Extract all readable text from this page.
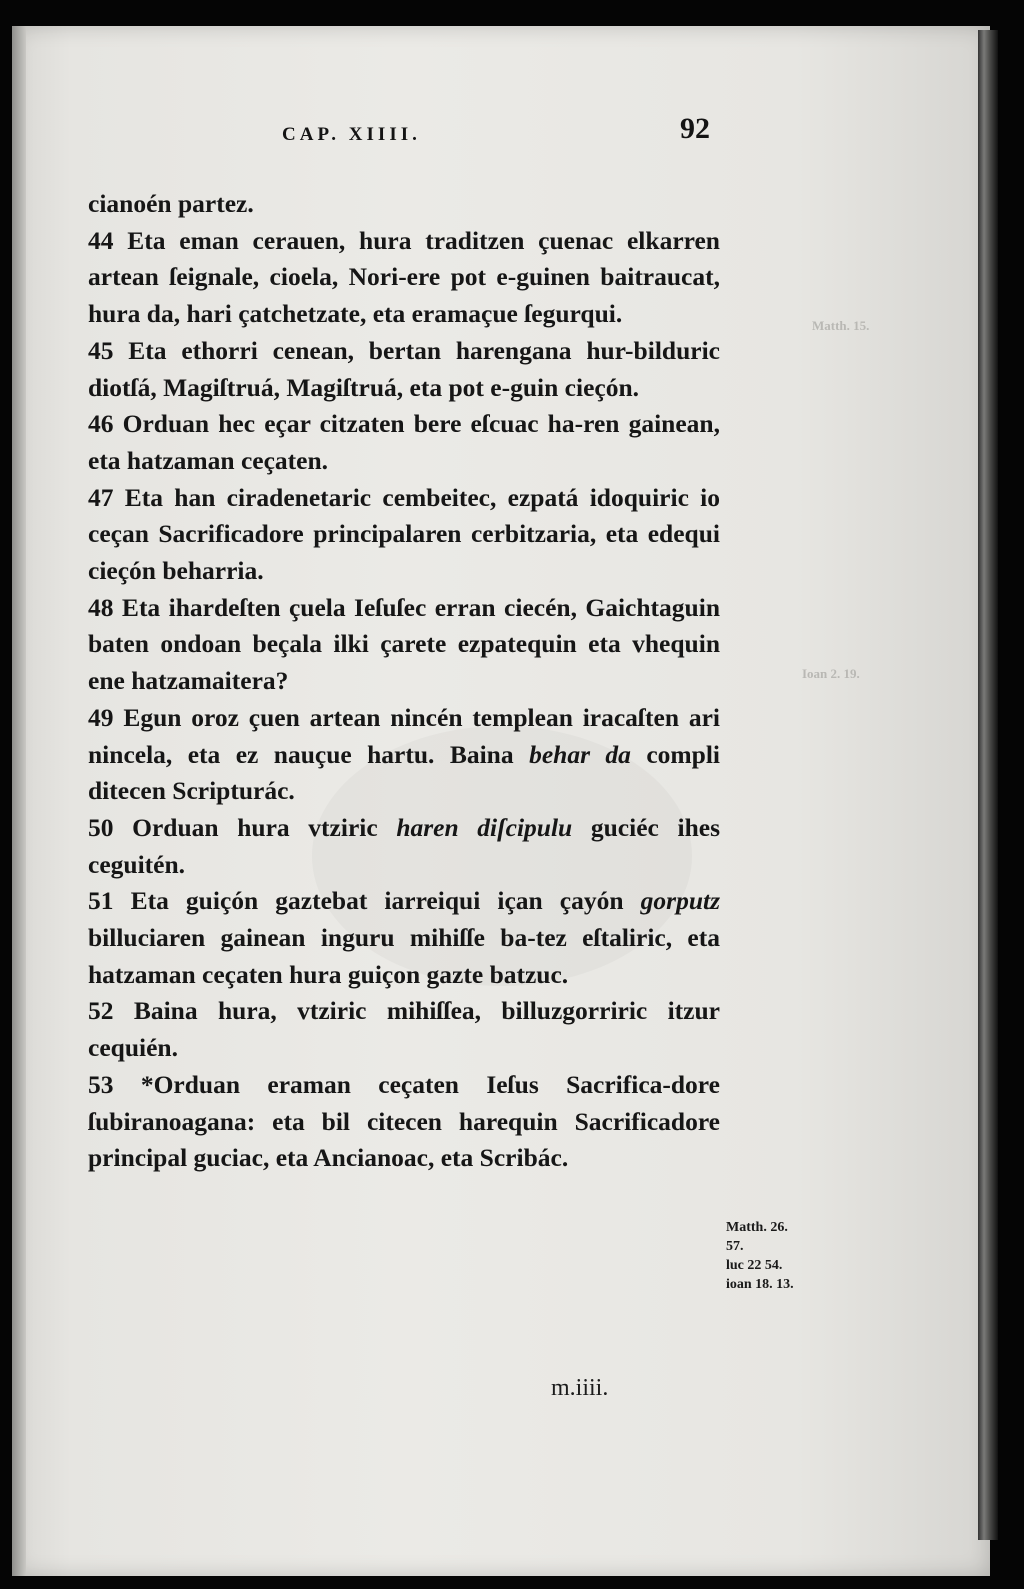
Matth. 15.
Ioan 2. 19.
CAP. XIIII.	92

cianoén partez.

44 Eta eman cerauen, hura traditzen çuenac elkarren artean ſeignale, cioela, Nori-ere pot e-guinen baitraucat, hura da, hari çatchetzate, eta eramaçue ſegurqui.

45 Eta ethorri cenean, bertan harengana hur-bilduric diotſá, Magiſtruá, Magiſtruá, eta pot e-guin cieçón.

46 Orduan hec eçar citzaten bere eſcuac ha-ren gainean, eta hatzaman ceçaten.

47 Eta han ciradenetaric cembeitec, ezpatá idoquiric io ceçan Sacrificadore principalaren cerbitzaria, eta edequi cieçón beharria.

48 Eta ihardeſten çuela Ieſuſec erran ciecén, Gaichtaguin baten ondoan beçala ilki çarete ezpatequin eta vhequin ene hatzamaitera?

49 Egun oroz çuen artean nincén templean iracaſten ari nincela, eta ez nauçue hartu. Baina behar da compli ditecen Scripturác.

50 Orduan hura vtziric haren diſcipulu guciéc ihes ceguitén.

51 Eta guiçón gaztebat iarreiqui içan çayón gorputz billuciaren gainean inguru mihiſſe ba-tez eſtaliric, eta hatzaman ceçaten hura guiçon gazte batzuc.

52 Baina hura, vtziric mihiſſea, billuzgorriric itzur cequién.

53 *Orduan eraman ceçaten Ieſus Sacrifica-dore ſubiranoagana: eta bil citecen harequin Sacrificadore principal guciac, eta Ancianoac, eta Scribác.

Matth. 26.
57.
luc 22 54.
ioan 18. 13.
m.iiii.
